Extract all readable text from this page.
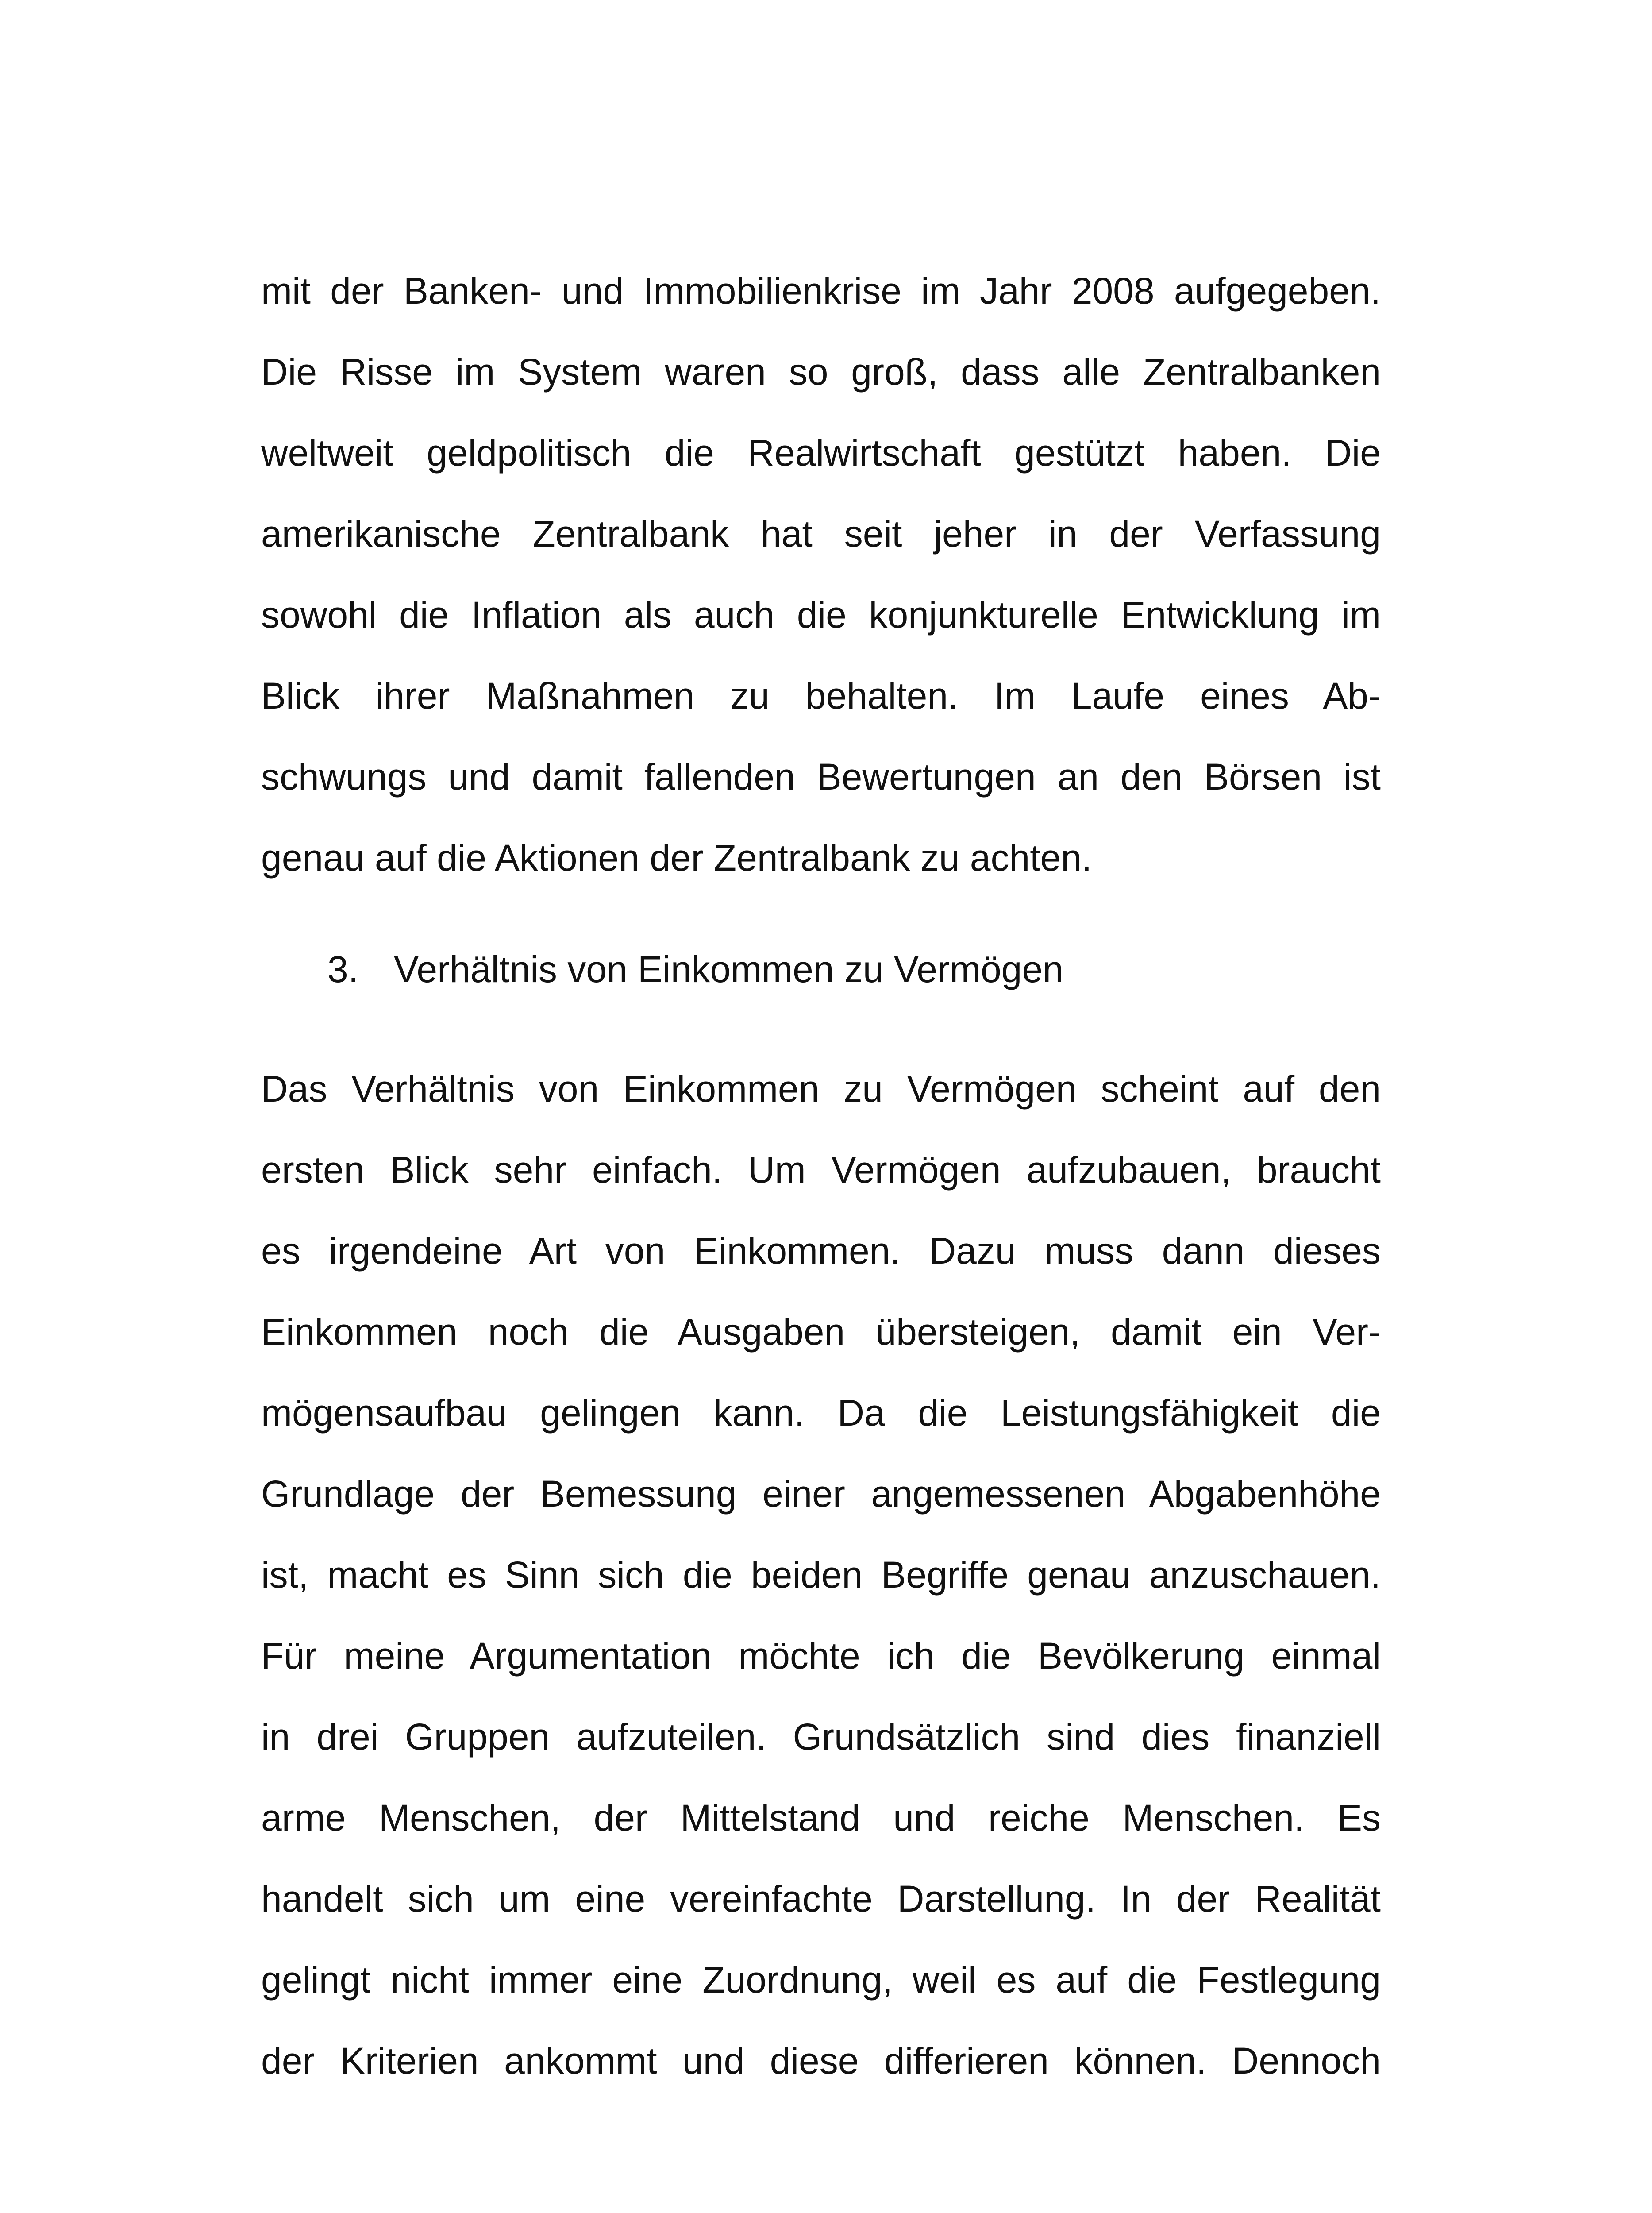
mit der Banken- und Immobilienkrise im Jahr 2008 aufgegeben.
Die Risse im System waren so groß, dass alle Zentralbanken
weltweit geldpolitisch die Realwirtschaft gestützt haben. Die
amerikanische Zentralbank hat seit jeher in der Verfassung
sowohl die Inflation als auch die konjunkturelle Entwicklung im
Blick ihrer Maßnahmen zu behalten. Im Laufe eines Ab-
schwungs und damit fallenden Bewertungen an den Börsen ist
genau auf die Aktionen der Zentralbank zu achten.
3. Verhältnis von Einkommen zu Vermögen
Das Verhältnis von Einkommen zu Vermögen scheint auf den
ersten Blick sehr einfach. Um Vermögen aufzubauen, braucht
es irgendeine Art von Einkommen. Dazu muss dann dieses
Einkommen noch die Ausgaben übersteigen, damit ein Ver-
mögensaufbau gelingen kann. Da die Leistungsfähigkeit die
Grundlage der Bemessung einer angemessenen Abgabenhöhe
ist, macht es Sinn sich die beiden Begriffe genau anzuschauen.
Für meine Argumentation möchte ich die Bevölkerung einmal
in drei Gruppen aufzuteilen. Grundsätzlich sind dies finanziell
arme Menschen, der Mittelstand und reiche Menschen. Es
handelt sich um eine vereinfachte Darstellung. In der Realität
gelingt nicht immer eine Zuordnung, weil es auf die Festlegung
der Kriterien ankommt und diese differieren können. Dennoch
